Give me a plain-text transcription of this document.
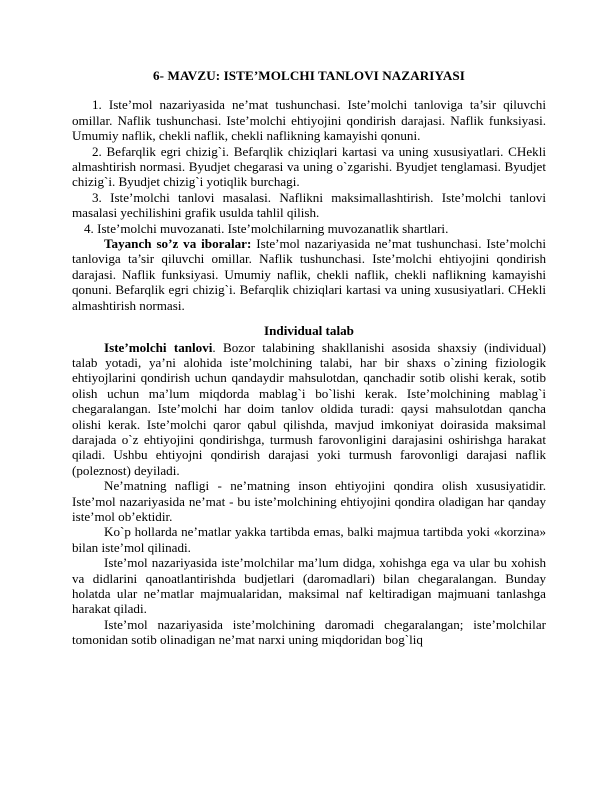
6- MAVZU: ISTE’MOLCHI TANLOVI NAZARIYASI

1. Iste’mol nazariyasida ne’mat tushunchasi. Iste’molchi tanloviga ta’sir qiluvchi omillar. Naflik tushunchasi. Iste’molchi ehtiyojini qondirish darajasi. Naflik funksiyasi. Umumiy naflik, chekli naflik, chekli naflikning kamayishi qonuni.

2. Befarqlik egri chizig`i. Befarqlik chiziqlari kartasi va uning xususiyatlari. CHekli almashtirish normasi. Byudjet chegarasi va uning o`zgarishi. Byudjet tenglamasi. Byudjet chizig`i. Byudjet chizig`i yotiqlik burchagi.

3. Iste’molchi tanlovi masalasi. Naflikni maksimallashtirish. Iste’molchi tanlovi masalasi yechilishini grafik usulda tahlil qilish.

4. Iste’molchi muvozanati. Iste’molchilarning muvozanatlik shartlari.

Tayanch so’z va iboralar: Iste’mol nazariyasida ne’mat tushunchasi. Iste’molchi tanloviga ta’sir qiluvchi omillar. Naflik tushunchasi. Iste’molchi ehtiyojini qondirish darajasi. Naflik funksiyasi. Umumiy naflik, chekli naflik, chekli naflikning kamayishi qonuni. Befarqlik egri chizig`i. Befarqlik chiziqlari kartasi va uning xususiyatlari. CHekli almashtirish normasi.

Individual talab

Iste’molchi tanlovi. Bozor talabining shakllanishi asosida shaxsiy (individual) talab yotadi, ya’ni alohida iste’molchining talabi, har bir shaxs o`zining fiziologik ehtiyojlarini qondirish uchun qandaydir mahsulotdan, qanchadir sotib olishi kerak, sotib olish uchun ma’lum miqdorda mablag`i bo`lishi kerak. Iste’molchining mablag`i chegaralangan. Iste’molchi har doim tanlov oldida turadi: qaysi mahsulotdan qancha olishi kerak. Iste’molchi qaror qabul qilishda, mavjud imkoniyat doirasida maksimal darajada o`z ehtiyojini qondirishga, turmush farovonligini darajasini oshirishga harakat qiladi. Ushbu ehtiyojni qondirish darajasi yoki turmush farovonligi darajasi naflik (poleznost) deyiladi.

Ne’matning nafligi - ne’matning inson ehtiyojini qondira olish xususiyatidir. Iste’mol nazariyasida ne’mat - bu iste’molchining ehtiyojini qondira oladigan har qanday iste’mol ob’ektidir.

Ko`p hollarda ne’matlar yakka tartibda emas, balki majmua tartibda yoki «korzina» bilan iste’mol qilinadi.

Iste’mol nazariyasida iste’molchilar ma’lum didga, xohishga ega va ular bu xohish va didlarini qanoatlantirishda budjetlari (daromadlari) bilan chegaralangan. Bunday holatda ular ne’matlar majmualaridan, maksimal naf keltiradigan majmuani tanlashga harakat qiladi.

Iste’mol nazariyasida iste’molchining daromadi chegaralangan; iste’molchilar tomonidan sotib olinadigan ne’mat narxi uning miqdoridan bog`liq
